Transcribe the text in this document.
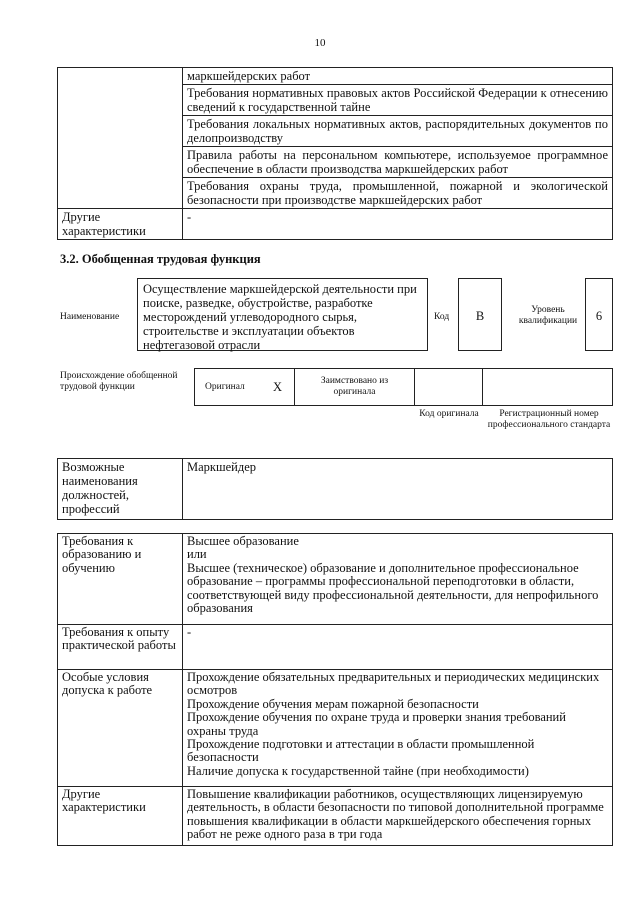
10
	маркшейдерских работ
	Требования нормативных правовых актов Российской Федерации к отнесению сведений к государственной тайне
	Требования локальных нормативных актов, распорядительных документов по делопроизводству
	Правила работы на персональном компьютере, используемое программное обеспечение в области производства маркшейдерских работ
	Требования охраны труда, промышленной, пожарной и экологической безопасности при производстве маркшейдерских работ
Другие характеристики	-
3.2. Обобщенная трудовая функция
Наименование
Осуществление маркшейдерской деятельности при поиске, разведке, обустройстве, разработке месторождений углеводородного сырья, строительстве и эксплуатации объектов нефтегазовой отрасли
Код	B	Уровень квалификации	6
Происхождение обобщенной трудовой функции	Оригинал X	Заимствовано из оригинала
Код оригинала	Регистрационный номер профессионального стандарта
Возможные наименования должностей, профессий	Маркшейдер
Требования к образованию и обучению	Высшее образование
или
Высшее (техническое) образование и дополнительное профессиональное образование – программы профессиональной переподготовки в области, соответствующей виду профессиональной деятельности, для непрофильного образования

Требования к опыту практической работы	-

Особые условия допуска к работе	Прохождение обязательных предварительных и периодических медицинских осмотров
Прохождение обучения мерам пожарной безопасности
Прохождение обучения по охране труда и проверки знания требований охраны труда
Прохождение подготовки и аттестации в области промышленной безопасности
Наличие допуска к государственной тайне (при необходимости)

Другие характеристики	Повышение квалификации работников, осуществляющих лицензируемую деятельность, в области безопасности по типовой дополнительной программе повышения квалификации в области маркшейдерского обеспечения горных работ не реже одного раза в три года
